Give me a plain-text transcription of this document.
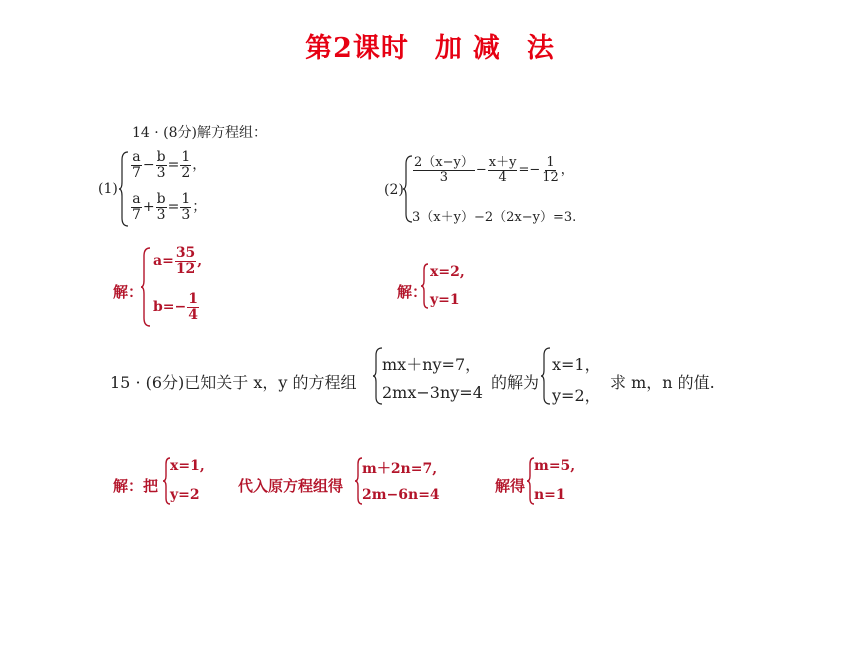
第2课时 加 减 法
14 · (8分)解方程组：
(1)
$\frac{a}{7} - \frac{b}{3} = \frac{1}{2}$ ，
$\frac{a}{7} + \frac{b}{3} = \frac{1}{3}$ ；
(2)
$\frac{2(x-y)}{3} - \frac{x+y}{4} =- \frac{1}{12}$ ，
3（x＋y）−2（2x−y）=3.
解：
$a= \frac{35}{12}$ ,
$b=- \frac{1}{4}$	解：
x=2,
y=1
15 · (6分)已知关于 x，y 的方程组
mx＋ny=7，
2mx−3ny=4
的解为
x=1，
y=2，
求 m，n 的值.
解：把
x=1,
y=2	代入原方程组得
m＋2n=7,
2m−6n=4	解得
m=5,
n=1
